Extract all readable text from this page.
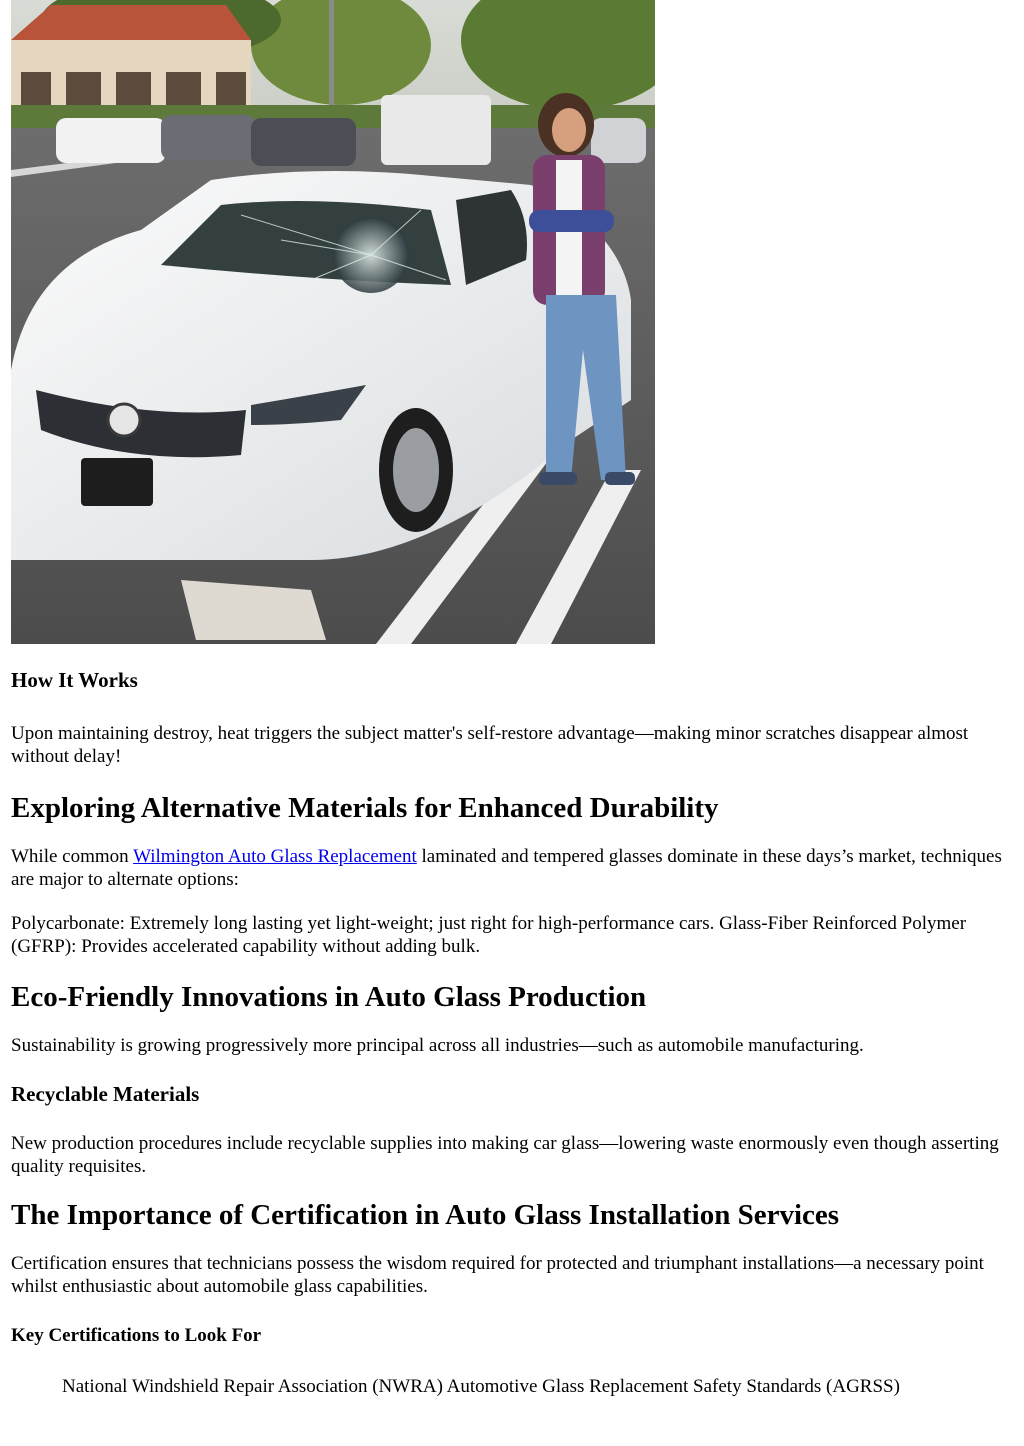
How It Works

Upon maintaining destroy, heat triggers the subject matter's self-restore advantage—making minor scratches disappear almost without delay!

Exploring Alternative Materials for Enhanced Durability

While common Wilmington Auto Glass Replacement laminated and tempered glasses dominate in these days’s market, techniques are major to alternate options:

Polycarbonate: Extremely long lasting yet light-weight; just right for high-performance cars. Glass-Fiber Reinforced Polymer (GFRP): Provides accelerated capability without adding bulk.

Eco-Friendly Innovations in Auto Glass Production

Sustainability is growing progressively more principal across all industries—such as automobile manufacturing.

Recyclable Materials

New production procedures include recyclable supplies into making car glass—lowering waste enormously even though asserting quality requisites.

The Importance of Certification in Auto Glass Installation Services

Certification ensures that technicians possess the wisdom required for protected and triumphant installations—a necessary point whilst enthusiastic about automobile glass capabilities.

Key Certifications to Look For

National Windshield Repair Association (NWRA) Automotive Glass Replacement Safety Standards (AGRSS)
